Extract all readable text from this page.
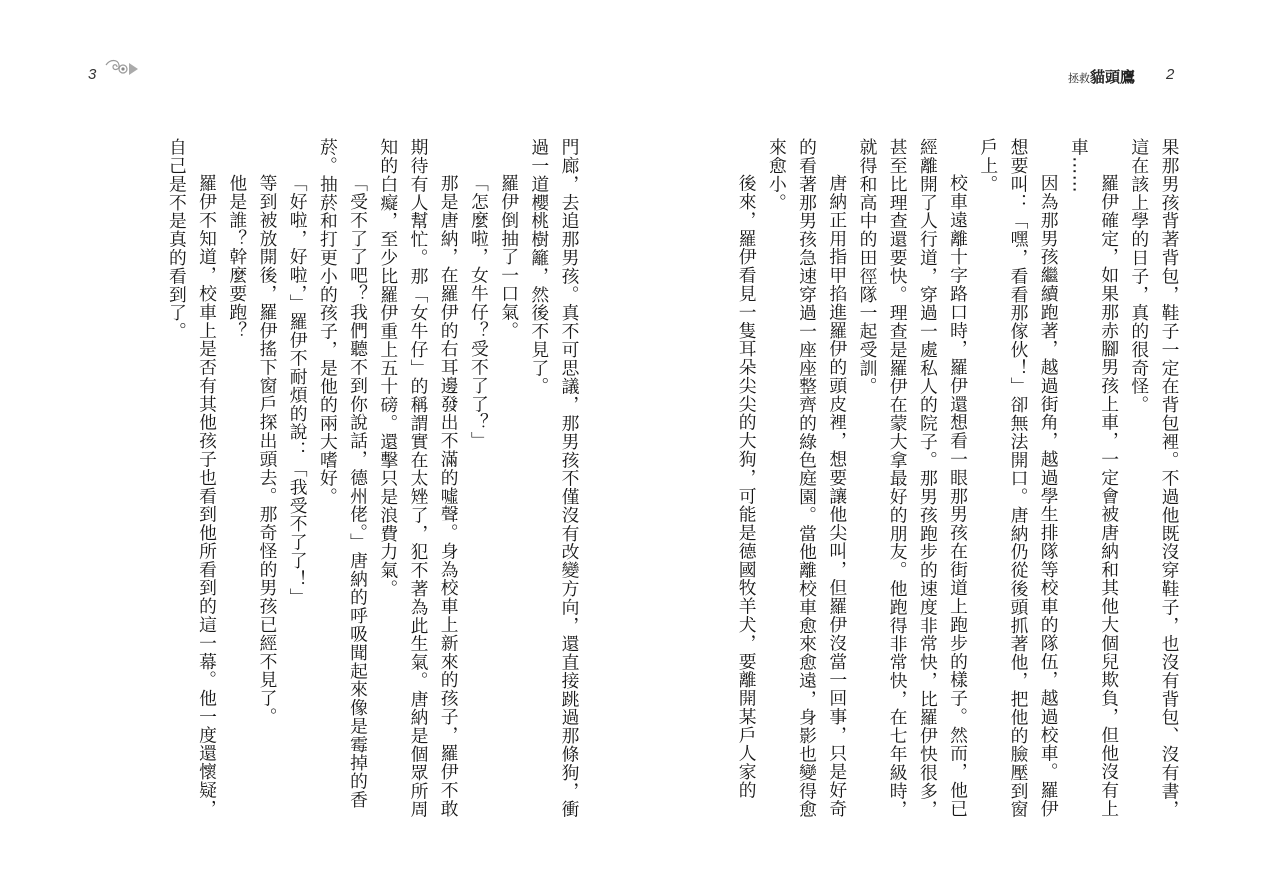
3	拯救貓頭鷹 2

果那男孩背著背包，鞋子一定在背包裡。不過他既沒穿鞋子，也沒有背包、沒有書，這在該上學的日子，真的很奇怪。

羅伊確定，如果那赤腳男孩上車，一定會被唐納和其他大個兒欺負，但他沒有上車……

因為那男孩繼續跑著，越過街角，越過學生排隊等校車的隊伍，越過校車。羅伊想要叫：「嘿，看看那傢伙！」卻無法開口。唐納仍從後頭抓著他，把他的臉壓到窗戶上。

校車遠離十字路口時，羅伊還想看一眼那男孩在街道上跑步的樣子。然而，他已經離開了人行道，穿過一處私人的院子。那男孩跑步的速度非常快，比羅伊快很多，甚至比理查還要快。理查是羅伊在蒙大拿最好的朋友。他跑得非常快，在七年級時，就得和高中的田徑隊一起受訓。

唐納正用指甲掐進羅伊的頭皮裡，想要讓他尖叫，但羅伊沒當一回事，只是好奇的看著那男孩急速穿過一座座整齊的綠色庭園。當他離校車愈來愈遠，身影也變得愈來愈小。

後來，羅伊看見一隻耳朵尖尖的大狗，可能是德國牧羊犬，要離開某戶人家的

門廊，去追那男孩。真不可思議，那男孩不僅沒有改變方向，還直接跳過那條狗，衝過一道櫻桃樹籬，然後不見了。

羅伊倒抽了一口氣。

「怎麼啦，女牛仔？受不了了？」

那是唐納，在羅伊的右耳邊發出不滿的噓聲。身為校車上新來的孩子，羅伊不敢期待有人幫忙。那「女牛仔」的稱謂實在太矬了，犯不著為此生氣。唐納是個眾所周知的白癡，至少比羅伊重上五十磅。還擊只是浪費力氣。

「受不了了吧？我們聽不到你說話，德州佬。」唐納的呼吸聞起來像是霉掉的香菸。抽菸和打更小的孩子，是他的兩大嗜好。

「好啦，好啦，」羅伊不耐煩的說：「我受不了了！」

等到被放開後，羅伊搖下窗戶探出頭去。那奇怪的男孩已經不見了。

他是誰？幹麼要跑？

羅伊不知道，校車上是否有其他孩子也看到他所看到的這一幕。他一度還懷疑，自己是不是真的看到了。
